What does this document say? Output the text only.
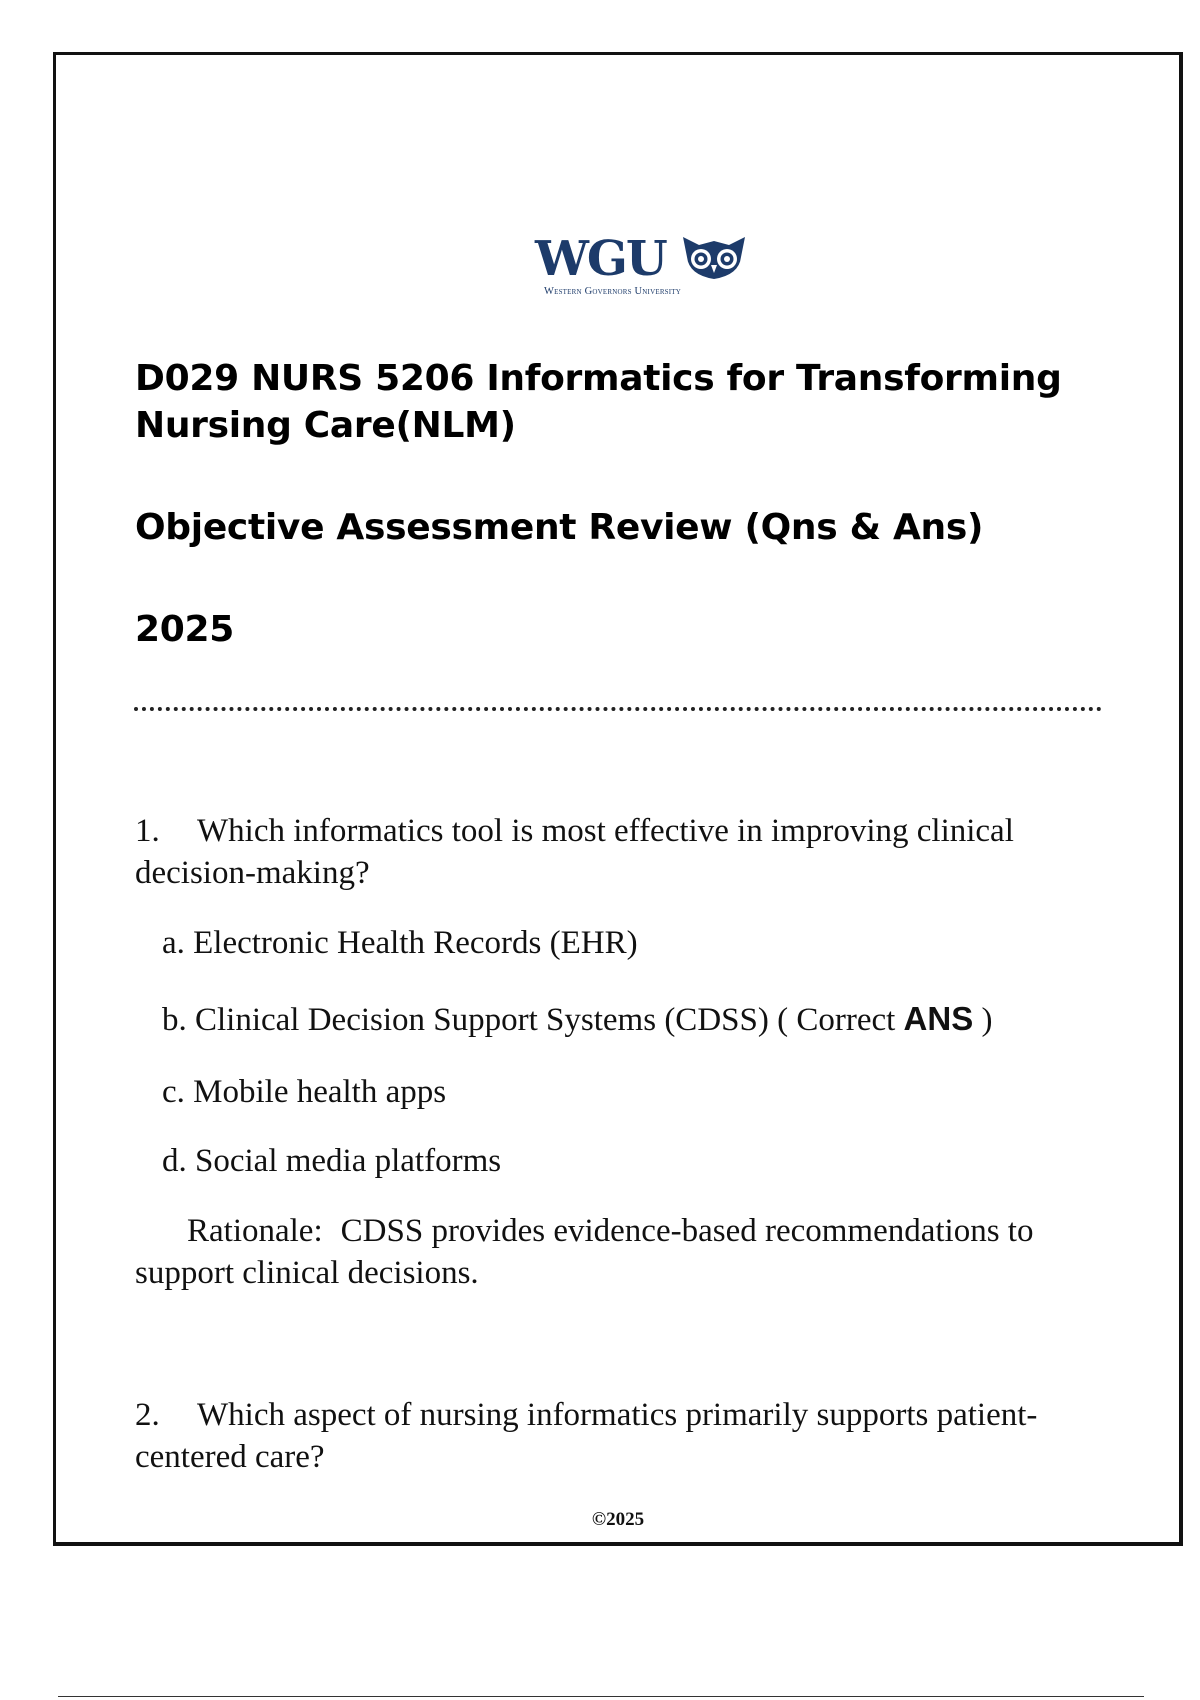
WGU
Western Governors University
D029 NURS 5206 Informatics for Transforming Nursing Care(NLM)
Objective Assessment Review (Qns & Ans)
2025
1. Which informatics tool is most effective in improving clinical decision-making?
a. Electronic Health Records (EHR)
b. Clinical Decision Support Systems (CDSS) ( Correct ANS )
c. Mobile health apps
d. Social media platforms
Rationale: CDSS provides evidence-based recommendations to support clinical decisions.
2. Which aspect of nursing informatics primarily supports patient-centered care?
©2025
